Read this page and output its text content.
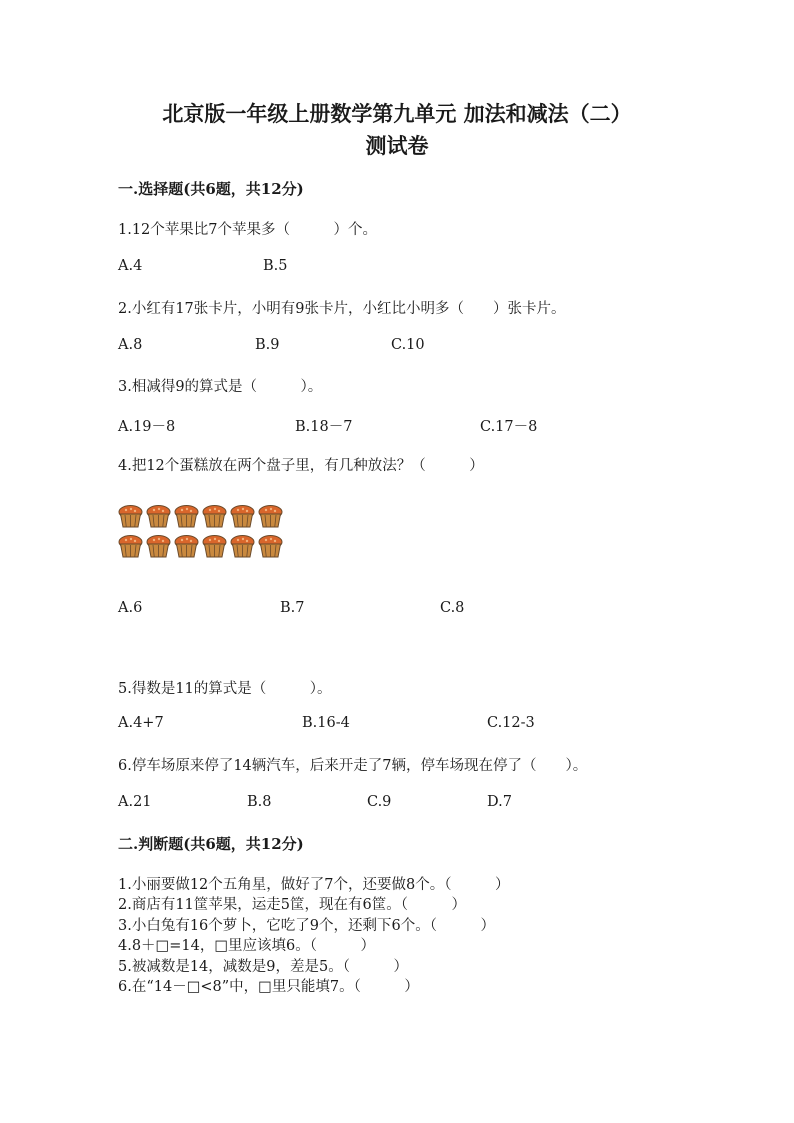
北京版一年级上册数学第九单元 加法和减法（二）
测试卷
一.选择题(共6题，共12分)
1.12个苹果比7个苹果多（　　　）个。
A.4	B.5
2.小红有17张卡片，小明有9张卡片，小红比小明多（　　）张卡片。
A.8	B.9	C.10
3.相减得9的算式是（　　　）。
A.19－8	B.18－7	C.17－8
4.把12个蛋糕放在两个盘子里，有几种放法？（　　　）
A.6	B.7	C.8
5.得数是11的算式是（　　　）。
A.4+7	B.16-4	C.12-3
6.停车场原来停了14辆汽车，后来开走了7辆，停车场现在停了（　　）。
A.21	B.8	C.9	D.7
二.判断题(共6题，共12分)
1.小丽要做12个五角星，做好了7个，还要做8个。（　　　）
2.商店有11筐苹果，运走5筐，现在有6筐。（　　　）
3.小白兔有16个萝卜，它吃了9个，还剩下6个。（　　　）
4.8＋□=14，□里应该填6。（　　　）
5.被减数是14，减数是9，差是5。（　　　）
6.在“14－□<8”中，□里只能填7。（　　　）
